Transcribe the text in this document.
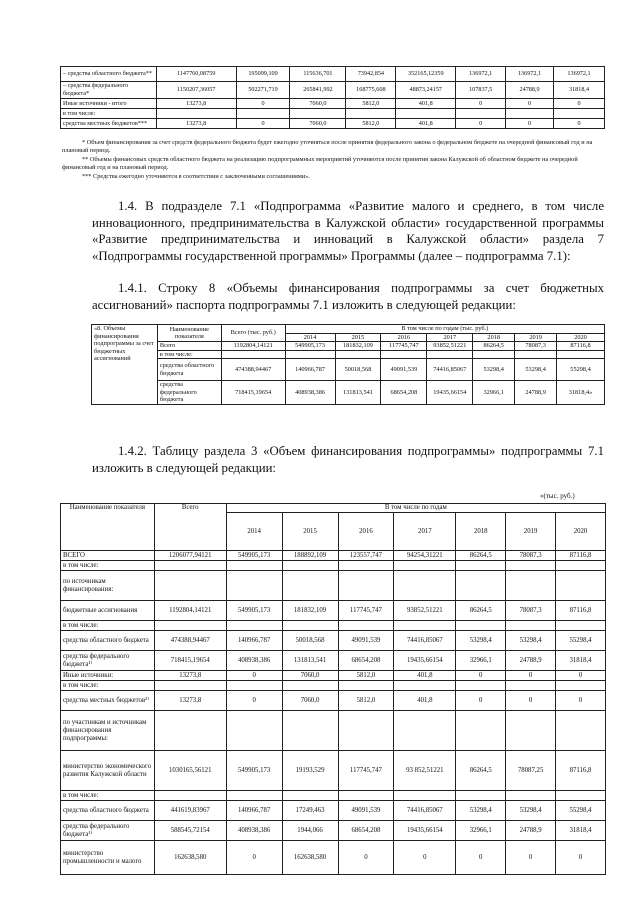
– средства областного бюджета**	1147760,08759	195099,109	115636,701	73942,854	352165,12359	136972,1	136972,1	136972,1
– средства федерального бюджета*	1150207,36057	502271,719	265841,992	168775,608	48873,24157	107837,5	24788,9	31818,4
Иные источники - итого	13273,8	0	7060,0	5812,0	401,8	0	0	0
в том числе:								
средства местных бюджетов***	13273,8	0	7060,0	5812,0	401,8	0	0	0

* Объем финансирования за счет средств федерального бюджета будет ежегодно уточняться после принятия федерального закона о федеральном бюджете на очередной финансовый год и на плановый период.

** Объемы финансовых средств областного бюджета на реализацию подпрограммных мероприятий уточняются после принятия закона Калужской об областном бюджете на очередной финансовый год и на плановый период.

*** Средства ежегодно уточняются в соответствии с заключенными соглашениями».

1.4. В подразделе 7.1 «Подпрограмма «Развитие малого и среднего, в том числе инновационного, предпринимательства в Калужской области» государственной программы «Развитие предпринимательства и инноваций в Калужской области» раздела 7 «Подпрограммы государственной программы» Программы (далее – подпрограмма 7.1):

1.4.1. Строку 8 «Объемы финансирования подпрограммы за счет бюджетных ассигнований» паспорта подпрограммы 7.1 изложить в следующей редакции:

«8. Объемы финансирования подпрограммы за счет бюджетных ассигнований	Наименование показателя	Всего (тыс. руб.)	В том числе по годам (тыс. руб.)						
			2014	2015	2016	2017	2018	2019	2020
	Всего	1192804,14121	549905,173	181832,109	117745,747	93852,51221	86264,5	78087,3	87116,8
	в том числе:								
	средства областного бюджета	474388,94467	140966,787	50018,568	49091,539	74416,85067	53298,4	53298,4	55298,4
	средства федерального бюджета	718415,19654	408938,386	131813,541	68654,208	19435,66154	32966,1	24788,9	31818,4»

1.4.2. Таблицу раздела 3 «Объем финансирования подпрограммы» подпрограммы 7.1 изложить в следующей редакции:

«(тыс. руб.)
Наименование показателя	Всего	В том числе по годам						
		2014	2015	2016	2017	2018	2019	2020
ВСЕГО	1206077,94121	549905,173	188892,109	123557,747	94254,31221	86264,5	78087,3	87116,8
в том числе:								
по источникам финансирования:								
бюджетные ассигнования	1192804,14121	549905,173	181832,109	117745,747	93852,51221	86264,5	78087,3	87116,8
в том числе:								
средства областного бюджета	474388,94467	140966,787	50018,568	49091,539	74416,85067	53298,4	53298,4	55298,4
средства федерального бюджета¹⁾	718415,19654	408938,386	131813,541	68654,208	19435,66154	32966,1	24788,9	31818,4
Иные источники:	13273,8	0	7060,0	5812,0	401,8	0	0	0
в том числе:								
средства местных бюджетов²⁾	13273,8	0	7060,0	5812,0	401,8	0	0	0
по участникам и источникам финансирования подпрограммы:								
министерство экономического развития Калужской области	1030165,56121	549905,173	19193,529	117745,747	93 852,51221	86264,5	78087,25	87116,8
в том числе:								
средства областного бюджета	441619,83967	140966,787	17249,463	49091,539	74416,85067	53298,4	53298,4	55298,4
средства федерального бюджета¹⁾	588545,72154	408938,386	1944,066	68654,208	19435,66154	32966,1	24788,9	31818,4
министерство промышленности и малого	162638,580	0	162638,580	0	0	0	0	0
